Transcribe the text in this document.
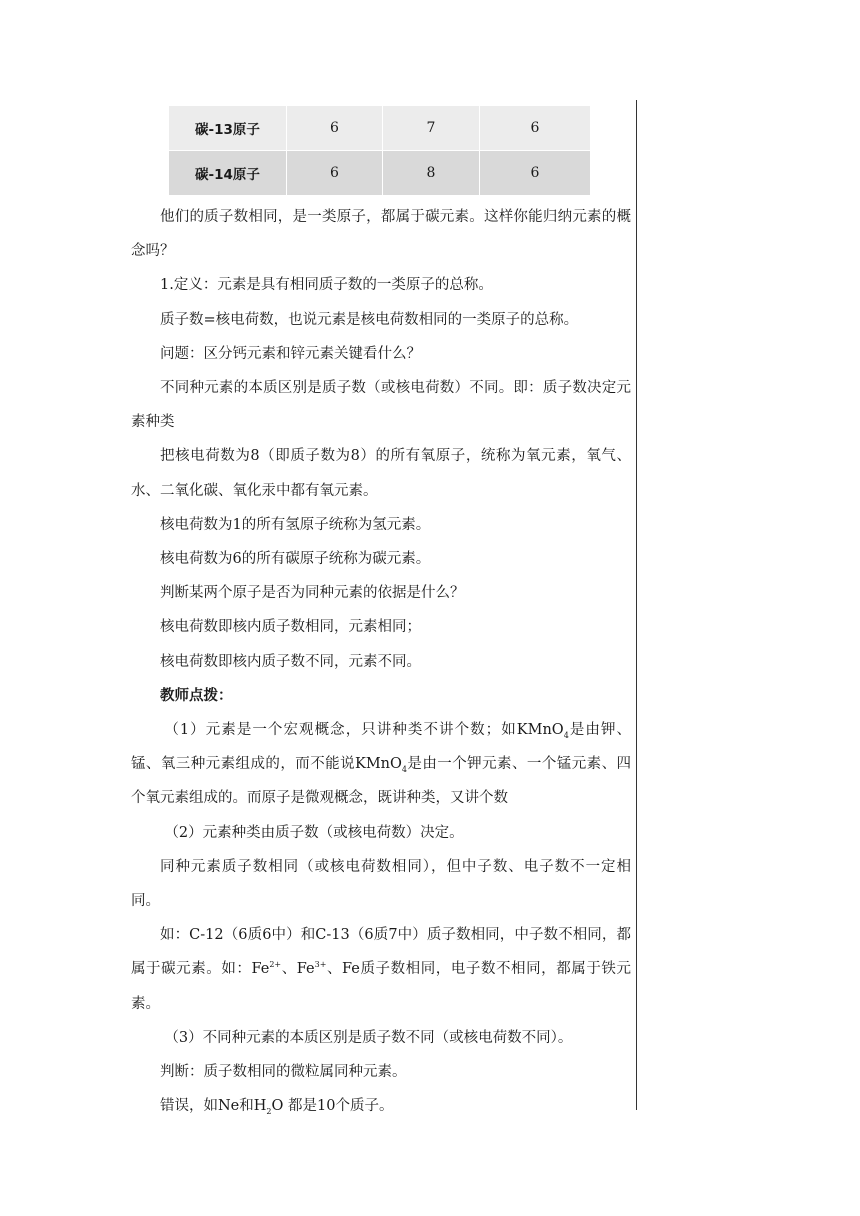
碳-13原子	6	7	6
碳-14原子	6	8	6

他们的质子数相同，是一类原子，都属于碳元素。这样你能归纳元素的概念吗？

1.定义：元素是具有相同质子数的一类原子的总称。

质子数=核电荷数，也说元素是核电荷数相同的一类原子的总称。

问题：区分钙元素和锌元素关键看什么？

不同种元素的本质区别是质子数（或核电荷数）不同。即：质子数决定元素种类

把核电荷数为8（即质子数为8）的所有氧原子，统称为氧元素，氧气、水、二氧化碳、氧化汞中都有氧元素。

核电荷数为1的所有氢原子统称为氢元素。

核电荷数为6的所有碳原子统称为碳元素。

判断某两个原子是否为同种元素的依据是什么？

核电荷数即核内质子数相同，元素相同；

核电荷数即核内质子数不同，元素不同。

教师点拨：

（1）元素是一个宏观概念，只讲种类不讲个数；如KMnO$_4$是由钾、锰、氧三种元素组成的，而不能说KMnO$_4$是由一个钾元素、一个锰元素、四个氧元素组成的。而原子是微观概念，既讲种类，又讲个数

（2）元素种类由质子数（或核电荷数）决定。

同种元素质子数相同（或核电荷数相同），但中子数、电子数不一定相同。

如：C-12（6质6中）和C-13（6质7中）质子数相同，中子数不相同，都属于碳元素。如：$Fe^{2+}$、$Fe^{3+}$、Fe质子数相同，电子数不相同，都属于铁元素。

（3）不同种元素的本质区别是质子数不同（或核电荷数不同）。

判断：质子数相同的微粒属同种元素。

错误，如Ne和$H_2O$ 都是10个质子。
